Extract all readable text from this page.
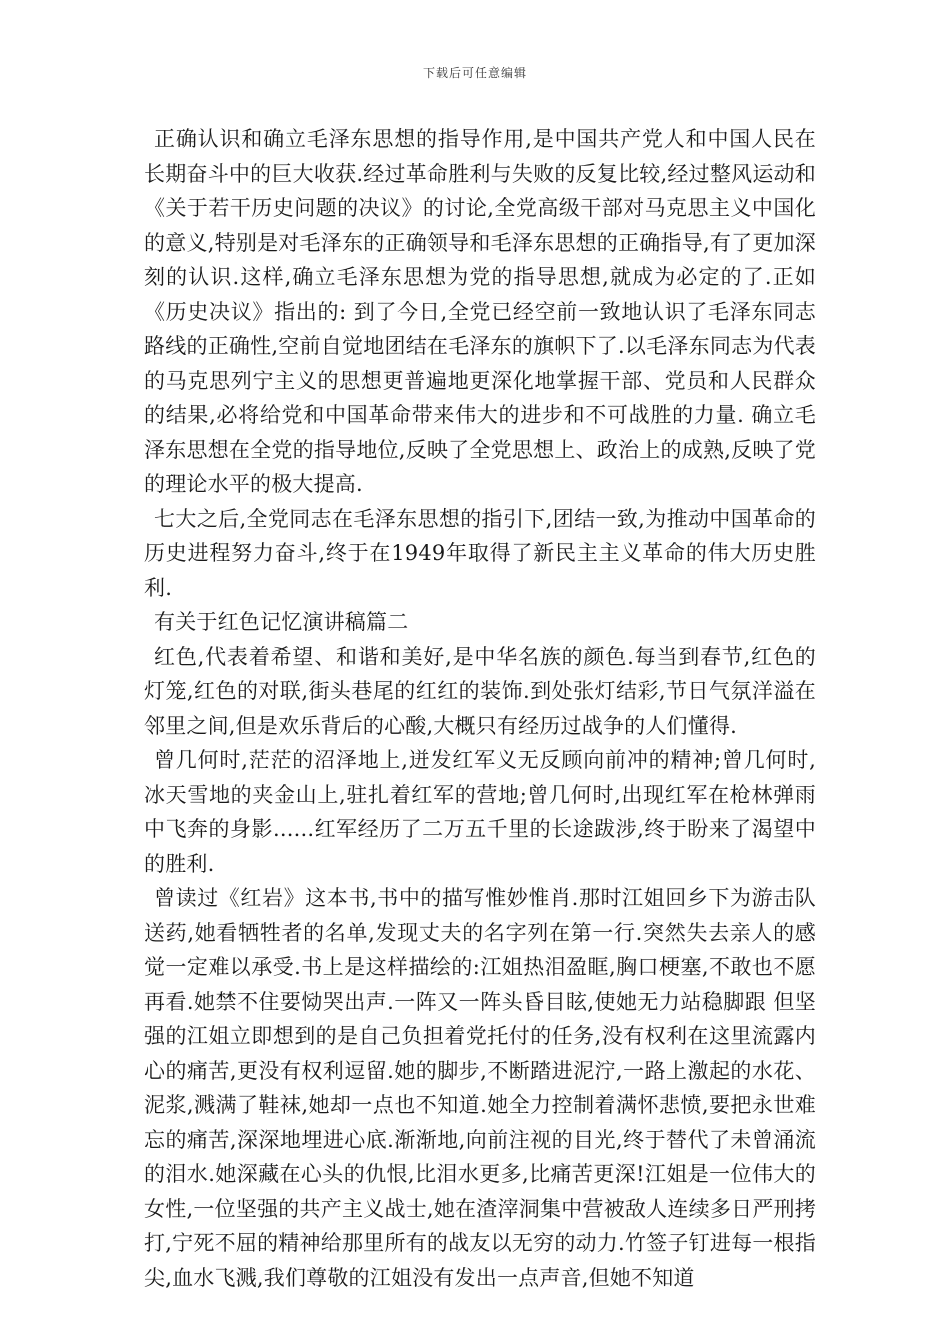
下载后可任意编辑

正确认识和确立毛泽东思想的指导作用,是中国共产党人和中国人民在长期奋斗中的巨大收获.经过革命胜利与失败的反复比较,经过整风运动和《关于若干历史问题的决议》的讨论,全党高级干部对马克思主义中国化的意义,特别是对毛泽东的正确领导和毛泽东思想的正确指导,有了更加深刻的认识.这样,确立毛泽东思想为党的指导思想,就成为必定的了.正如《历史决议》指出的: 到了今日,全党已经空前一致地认识了毛泽东同志路线的正确性,空前自觉地团结在毛泽东的旗帜下了.以毛泽东同志为代表的马克思列宁主义的思想更普遍地更深化地掌握干部、党员和人民群众的结果,必将给党和中国革命带来伟大的进步和不可战胜的力量. 确立毛泽东思想在全党的指导地位,反映了全党思想上、政治上的成熟,反映了党的理论水平的极大提高.

七大之后,全党同志在毛泽东思想的指引下,团结一致,为推动中国革命的历史进程努力奋斗,终于在1949年取得了新民主主义革命的伟大历史胜利.

有关于红色记忆演讲稿篇二

红色,代表着希望、和谐和美好,是中华名族的颜色.每当到春节,红色的灯笼,红色的对联,街头巷尾的红红的装饰.到处张灯结彩,节日气氛洋溢在邻里之间,但是欢乐背后的心酸,大概只有经历过战争的人们懂得.

曾几何时,茫茫的沼泽地上,迸发红军义无反顾向前冲的精神;曾几何时,冰天雪地的夹金山上,驻扎着红军的营地;曾几何时,出现红军在枪林弹雨中飞奔的身影......红军经历了二万五千里的长途跋涉,终于盼来了渴望中的胜利.

曾读过《红岩》这本书,书中的描写惟妙惟肖.那时江姐回乡下为游击队送药,她看牺牲者的名单,发现丈夫的名字列在第一行.突然失去亲人的感觉一定难以承受.书上是这样描绘的:江姐热泪盈眶,胸口梗塞,不敢也不愿再看.她禁不住要恸哭出声.一阵又一阵头昏目眩,使她无力站稳脚跟 但坚强的江姐立即想到的是自己负担着党托付的任务,没有权利在这里流露内心的痛苦,更没有权利逗留.她的脚步,不断踏进泥泞,一路上激起的水花、泥浆,溅满了鞋袜,她却一点也不知道.她全力控制着满怀悲愤,要把永世难忘的痛苦,深深地埋进心底.渐渐地,向前注视的目光,终于替代了未曾涌流的泪水.她深藏在心头的仇恨,比泪水更多,比痛苦更深!江姐是一位伟大的女性,一位坚强的共产主义战士,她在渣滓洞集中营被敌人连续多日严刑拷打,宁死不屈的精神给那里所有的战友以无穷的动力.竹签子钉进每一根指尖,血水飞溅,我们尊敬的江姐没有发出一点声音,但她不知道
